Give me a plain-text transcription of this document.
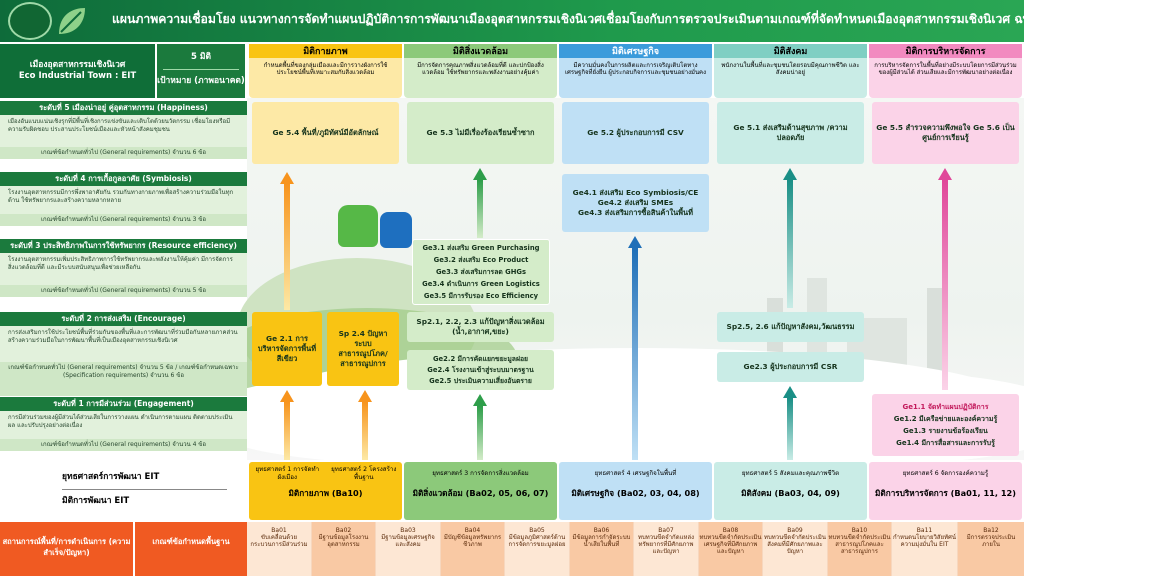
แผนภาพความเชื่อมโยง แนวทางการจัดทำแผนปฏิบัติการการพัฒนาเมืองอุตสาหกรรมเชิงนิเวศเชื่อมโยงกับการตรวจประเมินตามเกณฑ์ที่จัดทำหนดเมืองอุตสาหกรรมเชิงนิเวศ ฉบับปรับปรุง ปี พ.ศ. 2565
เมืองอุตสาหกรรมเชิงนิเวศ
Eco Industrial Town : EIT
5 มิติ
เป้าหมาย (ภาพอนาคต)
ระดับที่ 5 เมืองน่าอยู่ คู่อุตสาหกรรม (Happiness)
เมืองอันแนบแน่นเชิงรุกที่มีพื้นที่เชิงการแข่งขันและเติบโตด้วยนวัตกรรม เชื่อมโยงหรือมีความรับผิดชอบ ประสานประโยชน์เมืองและหัวหน้าสังคมชุมชน
เกณฑ์ข้อกำหนดทั่วไป (General requirements) จำนวน 6 ข้อ
ระดับที่ 4 การเกื้อกูลอาศัย (Symbiosis)
โรงงานอุตสาหกรรมมีการพึ่งพาอาศัยกัน รวมกันทางกายภาพเพื่อสร้างความร่วมมือในทุกด้าน ใช้ทรัพยากรและสร้างความหลากหลาย
เกณฑ์ข้อกำหนดทั่วไป (General requirements) จำนวน 3 ข้อ
ระดับที่ 3 ประสิทธิภาพในการใช้ทรัพยากร (Resource efficiency)
โรงงานอุตสาหกรรมเพิ่มประสิทธิภาพการใช้ทรัพยากรและพลังงานให้คุ้มค่า มีการจัดการสิ่งแวดล้อมที่ดี และมีระบบสนับสนุนเพื่อช่วยเหลือกัน
เกณฑ์ข้อกำหนดทั่วไป (General requirements) จำนวน 5 ข้อ
ระดับที่ 2 การส่งเสริม (Encourage)
การส่งเสริมการใช้ประโยชน์พื้นที่ร่วมกันของพื้นที่และการพัฒนาที่ร่วมมือกันหลายภาคส่วน สร้างความร่วมมือในการพัฒนาพื้นที่เป็นเมืองอุตสาหกรรมเชิงนิเวศ
เกณฑ์ข้อกำหนดทั่วไป (General requirements) จำนวน 5 ข้อ / เกณฑ์ข้อกำหนดเฉพาะ (Specification requirements) จำนวน 6 ข้อ
ระดับที่ 1 การมีส่วนร่วม (Engagement)
การมีส่วนร่วมของผู้มีส่วนได้ส่วนเสียในการวางแผน ดำเนินการตามแผน ติดตามประเมินผล และปรับปรุงอย่างต่อเนื่อง
เกณฑ์ข้อกำหนดทั่วไป (General requirements) จำนวน 4 ข้อ
ยุทธศาสตร์การพัฒนา EIT
มิติการพัฒนา EIT
มิติกายภาพ
กำหนดพื้นที่ของกลุ่มเมืองและมีการวางผังการใช้ประโยชน์พื้นที่เหมาะสมกับสิ่งแวดล้อม
มิติสิ่งแวดล้อม
มีการจัดการคุณภาพสิ่งแวดล้อมที่ดี และปกป้องสิ่งแวดล้อม ใช้ทรัพยากรและพลังงานอย่างคุ้มค่า
มิติเศรษฐกิจ
มีความมั่นคงในการผลิตและการเจริญเติบโตทางเศรษฐกิจที่ยั่งยืน ผู้ประกอบกิจการและชุมชนอย่างมั่นคง
มิติสังคม
พนักงานในพื้นที่และชุมชนโดยรอบมีคุณภาพชีวิต และสังคมน่าอยู่
มิติการบริหารจัดการ
การบริหารจัดการในพื้นที่อย่างมีระบบโดยการมีส่วนร่วมของผู้มีส่วนได้ ส่วนเสียและมีการพัฒนาอย่างต่อเนื่อง
Ge 5.4 พื้นที่/ภูมิทัศน์มีอัตลักษณ์	Ge 5.3 ไม่มีเรื่องร้องเรียนซ้ำซาก	Ge 5.2 ผู้ประกอบการมี CSV
Ge 5.1 ส่งเสริมด้านสุขภาพ /ความปลอดภัย
Ge 5.5 สำรวจความพึงพอใจ Ge 5.6 เป็นศูนย์การเรียนรู้
Ge4.1 ส่งเสริม Eco Symbiosis/CE
Ge4.2 ส่งเสริม SMEs
Ge4.3 ส่งเสริมการซื้อสินค้าในพื้นที่
Ge3.1 ส่งเสริม Green Purchasing
Ge3.2 ส่งเสริม Eco Product
Ge3.3 ส่งเสริมการลด GHGs
Ge3.4 ดำเนินการ Green Logistics
Ge3.5 มีการรับรอง Eco Efficiency
Ge 2.1 การบริหารจัดการพื้นที่สีเขียว
Sp 2.4 ปัญหาระบบสาธารณูปโภค/สาธารณูปการ
Sp2.1, 2.2, 2.3 แก้ปัญหาสิ่งแวดล้อม (น้ำ,อากาศ,ขยะ)
Sp2.5, 2.6 แก้ปัญหาสังคม,วัฒนธรรม
Ge2.2 มีการคัดแยกขยะมูลฝอย
Ge2.4 โรงงานเข้าสู่ระบบมาตรฐาน
Ge2.5 ประเมินความเสี่ยงอันตราย
Ge2.3 ผู้ประกอบการมี CSR
Ge1.1 จัดทำแผนปฏิบัติการ
Ge1.2 มีเครือข่ายและองค์ความรู้
Ge1.3 รายงานข้อร้องเรียน
Ge1.4 มีการสื่อสารและการรับรู้
ยุทธศาสตร์ 1 การจัดทำผังเมือง
ยุทธศาสตร์ 2 โครงสร้างพื้นฐาน
มิติกายภาพ (Ba10)
ยุทธศาสตร์ 3 การจัดการสิ่งแวดล้อม
มิติสิ่งแวดล้อม (Ba02, 05, 06, 07)
ยุทธศาสตร์ 4 เศรษฐกิจในพื้นที่
มิติเศรษฐกิจ (Ba02, 03, 04, 08)
ยุทธศาสตร์ 5 สังคมและคุณภาพชีวิต
มิติสังคม (Ba03, 04, 09)
ยุทธศาสตร์ 6 จัดการองค์ความรู้
มิติการบริหารจัดการ (Ba01, 11, 12)
สถานการณ์พื้นที่/การดำเนินการ (ความสำเร็จ/ปัญหา)
เกณฑ์ข้อกำหนดพื้นฐาน
Ba01
ขับเคลื่อนด้วยกระบวนการมีส่วนร่วม
Ba02
มีฐานข้อมูลโรงงานอุตสาหกรรม
Ba03
มีฐานข้อมูลเศรษฐกิจและสังคม
Ba04
มีบัญชีข้อมูลทรัพยากรชีวภาพ
Ba05
มีข้อมูลภูมิศาสตร์ด้านการจัดการขยะมูลฝอย
Ba06
มีข้อมูลการกำจัดระบบน้ำเสียในพื้นที่
Ba07
ทบทวนขีดจำกัดแหล่งทรัพยากรที่มีศักยภาพและปัญหา
Ba08
ทบทวนขีดจำกัดประเมินเศรษฐกิจที่มีศักยภาพและปัญหา
Ba09
ทบทวนขีดจำกัดประเมินสังคมที่มีศักยภาพและปัญหา
Ba10
ทบทวนขีดจำกัดประเมินสาธารณูปโภคและสาธารณูปการ
Ba11
กำหนดนโยบายวิสัยทัศน์ความมุ่งมั่นใน EIT
Ba12
มีการตรวจประเมินภายใน
